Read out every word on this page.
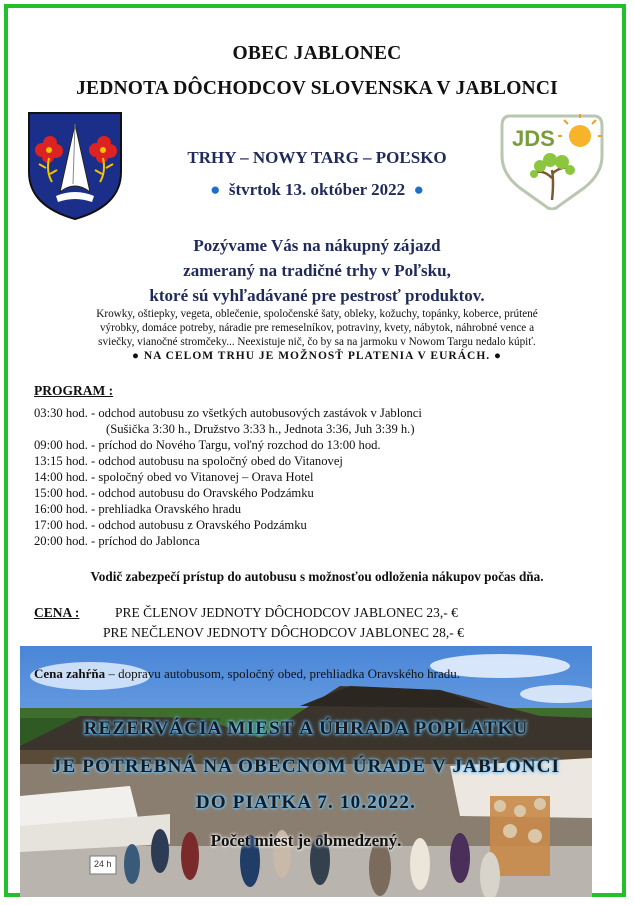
OBEC JABLONEC
JEDNOTA DÔCHODCOV SLOVENSKA V JABLONCI
JDS
TRHY – NOWY TARG – POĽSKO
● štvrtok 13. október 2022 ●
Pozývame Vás na nákupný zájazd
zameraný na tradičné trhy v Poľsku,
ktoré sú vyhľadávané pre pestrosť produktov.
Krowky, oštiepky, vegeta, oblečenie, spoločenské šaty, obleky, kožuchy, topánky, koberce, prútené
výrobky, domáce potreby, náradie pre remeselníkov, potraviny, kvety, nábytok, náhrobné vence a
sviečky, vianočné stromčeky... Neexistuje nič, čo by sa na jarmoku v Nowom Targu nedalo kúpiť.
● NA CELOM TRHU JE MOŽNOSŤ PLATENIA V EURÁCH. ●
PROGRAM :
03:30 hod. - odchod autobusu zo všetkých autobusových zastávok v Jablonci
(Sušička 3:30 h., Družstvo 3:33 h., Jednota 3:36, Juh 3:39 h.)
09:00 hod. - príchod do Nového Targu, voľný rozchod do 13:00 hod.
13:15 hod. - odchod autobusu na spoločný obed do Vitanovej
14:00 hod. - spoločný obed vo Vitanovej – Orava Hotel
15:00 hod. - odchod autobusu do Oravského Podzámku
16:00 hod. - prehliadka Oravského hradu
17:00 hod. - odchod autobusu z Oravského Podzámku
20:00 hod. - príchod do Jablonca
Vodič zabezpečí prístup do autobusu s možnosťou odloženia nákupov počas dňa.
CENA :	PRE ČLENOV JEDNOTY DÔCHODCOV JABLONEC 23,- €
PRE NEČLENOV JEDNOTY DÔCHODCOV JABLONEC 28,- €
24 h
Cena zahŕňa – dopravu autobusom, spoločný obed, prehliadka Oravského hradu.
REZERVÁCIA MIEST A ÚHRADA POPLATKU
JE POTREBNÁ NA OBECNOM ÚRADE V JABLONCI
DO PIATKA 7. 10.2022.
Počet miest je obmedzený.
